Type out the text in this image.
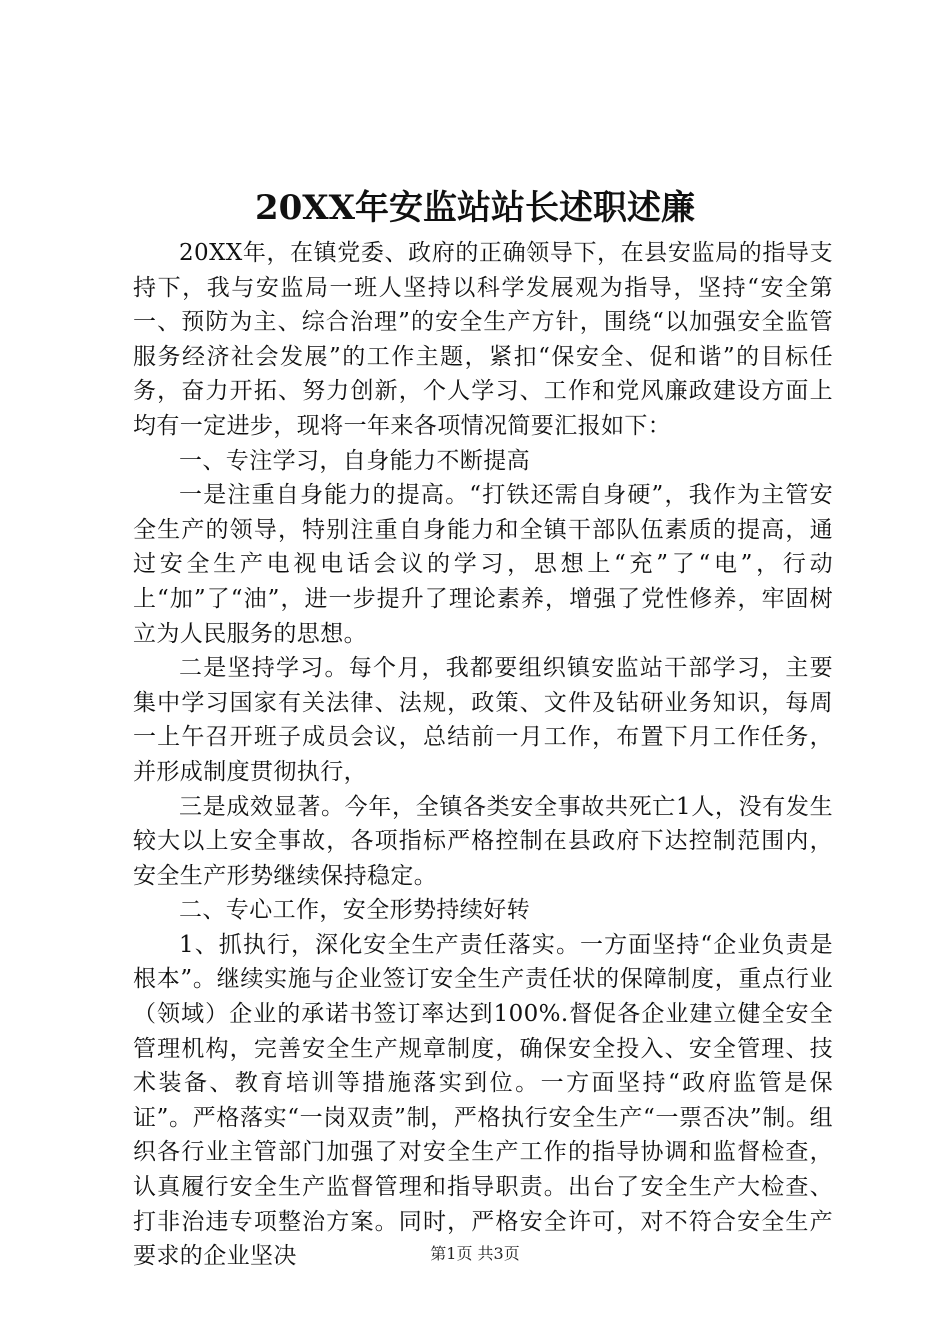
20XX年安监站站长述职述廉

20XX年，在镇党委、政府的正确领导下，在县安监局的指导支持下，我与安监局一班人坚持以科学发展观为指导，坚持“安全第一、预防为主、综合治理”的安全生产方针，围绕“以加强安全监管服务经济社会发展”的工作主题，紧扣“保安全、促和谐”的目标任务，奋力开拓、努力创新，个人学习、工作和党风廉政建设方面上均有一定进步，现将一年来各项情况简要汇报如下：

一、专注学习，自身能力不断提高

一是注重自身能力的提高。“打铁还需自身硬”，我作为主管安全生产的领导，特别注重自身能力和全镇干部队伍素质的提高，通过安全生产电视电话会议的学习，思想上“充”了“电”，行动上“加”了“油”，进一步提升了理论素养，增强了党性修养，牢固树立为人民服务的思想。

二是坚持学习。每个月，我都要组织镇安监站干部学习，主要集中学习国家有关法律、法规，政策、文件及钻研业务知识，每周一上午召开班子成员会议，总结前一月工作，布置下月工作任务，并形成制度贯彻执行，

三是成效显著。今年，全镇各类安全事故共死亡1人，没有发生较大以上安全事故，各项指标严格控制在县政府下达控制范围内，安全生产形势继续保持稳定。

二、专心工作，安全形势持续好转

1、抓执行，深化安全生产责任落实。一方面坚持“企业负责是根本”。继续实施与企业签订安全生产责任状的保障制度，重点行业（领域）企业的承诺书签订率达到100%.督促各企业建立健全安全管理机构，完善安全生产规章制度，确保安全投入、安全管理、技术装备、教育培训等措施落实到位。一方面坚持“政府监管是保证”。严格落实“一岗双责”制，严格执行安全生产“一票否决”制。组织各行业主管部门加强了对安全生产工作的指导协调和监督检查，认真履行安全生产监督管理和指导职责。出台了安全生产大检查、打非治违专项整治方案。同时，严格安全许可，对不符合安全生产要求的企业坚决	第1页 共3页
